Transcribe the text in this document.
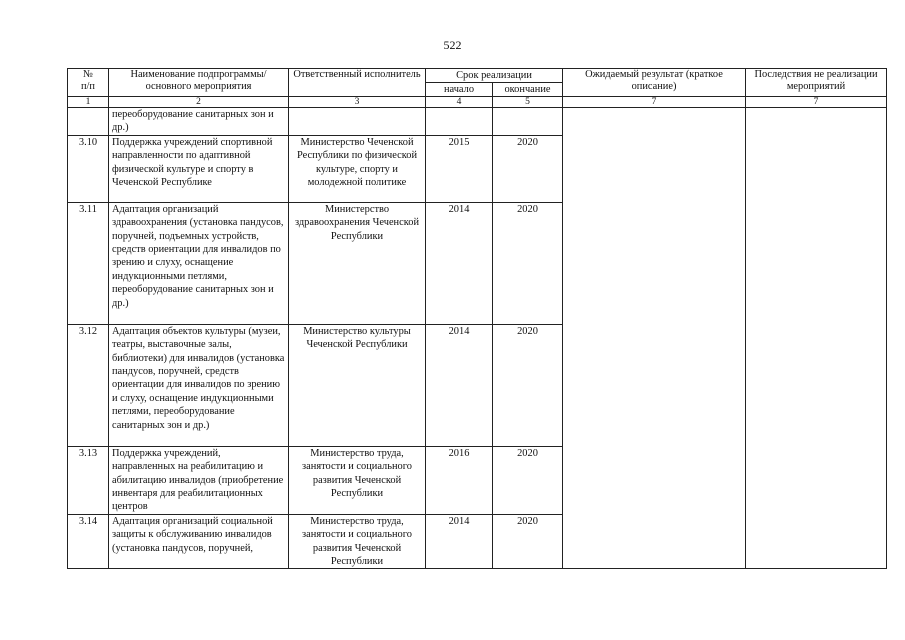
522
№
п/п	Наименование подпрограммы/ основного мероприятия	Ответственный исполнитель	Срок реализации		Ожидаемый результат (краткое описание)	Последствия не реализации мероприятий
			начало	окончание		
1	2	3	4	5	7	7
	переоборудование санитарных зон и др.)					
3.10	Поддержка учреждений спортивной направленности по адаптивной физической культуре и спорту в Чеченской Республике	Министерство Чеченской Республики по физической культуре, спорту и молодежной политике	2015	2020		
3.11	Адаптация организаций здравоохранения (установка пандусов, поручней, подъемных устройств, средств ориентации для инвалидов по зрению и слуху, оснащение индукционными петлями, переоборудование санитарных зон и др.)	Министерство здравоохранения Чеченской Республики	2014	2020		
3.12	Адаптация объектов культуры (музеи, театры, выставочные залы, библиотеки) для инвалидов (установка пандусов, поручней, средств ориентации для инвалидов по зрению и слуху, оснащение индукционными петлями, переоборудование санитарных зон и др.)	Министерство культуры Чеченской Республики	2014	2020		
3.13	Поддержка учреждений, направленных на реабилитацию и абилитацию инвалидов (приобретение инвентаря для реабилитационных центров	Министерство труда, занятости и социального развития Чеченской Республики	2016	2020		
3.14	Адаптация организаций социальной защиты к обслуживанию инвалидов (установка пандусов, поручней,	Министерство труда, занятости и социального развития Чеченской Республики	2014	2020		
